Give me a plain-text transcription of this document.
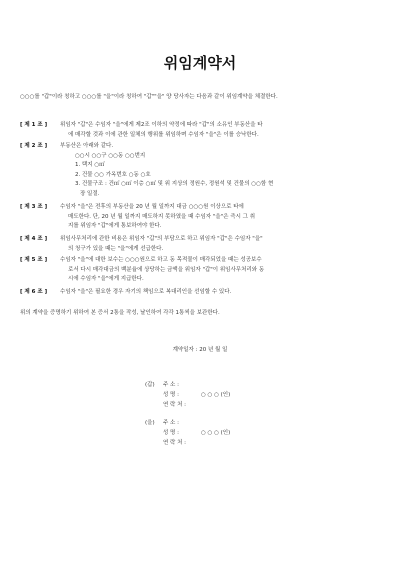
위임계약서
○○○를 "갑"이라 칭하고 ○○○를 "을"이라 칭하여 "갑""을" 양 당사자는 다음과 같이 위임계약을 체결한다.
[ 제 1 조 ] 위임자 "갑"은 수임자 "을"에게 제2조 이하의 약정에 따라 "갑"의 소유인 부동산을 타
에 매각할 것과 이에 관한 일체의 행위를 위임하며 수임자 "을"은 이를 승낙한다.
[ 제 2 조 ] 부동산은 아래와 같다.
○○시 ○○구 ○○동 ○○번지
1. 택지 ○㎡
2. 건물 ○○ 가옥번호 ○동 ○호
3. 건물구조 : 건㎡ ○㎡ 이층 ○㎡ 및 위 지상의 정원수, 정원석 및 건물의 ○○함 현
장 일절.
[ 제 3 조 ] 수임자 "을"은 전후의 부동산을 20 년 월 일까지 대금 ○○○원 이상으로 타에
매도한다. 단, 20 년 월 일까지 매도하지 못하였을 때 수임자 "을"은 즉시 그 취
지를 위임자 "갑"에게 통보하여야 한다.
[ 제 4 조 ] 위임사무처리에 관한 비용은 위임자 "갑"의 부담으로 하고 위임자 "갑"은 수임자 "을"
의 청구가 있을 때는 "을"에게 선급한다.
[ 제 5 조 ] 수임자 "을"에 대한 보수는 ○○○원으로 하고 동 목적물이 매각되었을 때는 성공보수
로서 다시 매각대금의 백분율에 상당하는 금액을 위임자 "갑"이 위임사무처리와 동
시에 수임자 "을"에게 지급한다.
[ 제 6 조 ] 수임자 "을"은 필요한 경우 자기의 책임으로 복대리인을 선임할 수 있다.
위의 계약을 증명하기 위하여 본 증서 2통을 작성, 날인하여 각각 1통씩을 보관한다.
계약일자 : 20 년 월 일
(갑)	주 소 :
성 명 :	○ ○ ○ (인)
연 락 처 :
(을)	주 소 :
성 명 :	○ ○ ○ (인)
연 락 처 :
